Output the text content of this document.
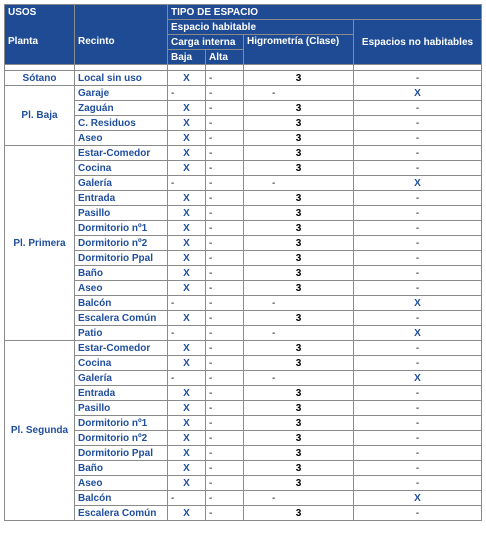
USOS		TIPO DE ESPACIO			
Planta	Recinto	Espacio habitable			Espacios no habitables
		Carga interna		Higrometría (Clase)	
		Baja	Alta		

Sótano	Local sin uso	X	-	3	-
Pl. Baja	Garaje	-	-	-	X
	Zaguán	X	-	3	-
	C. Residuos	X	-	3	-
	Aseo	X	-	3	-
Pl. Primera	Estar-Comedor	X	-	3	-
	Cocina	X	-	3	-
	Galería	-	-	-	X
	Entrada	X	-	3	-
	Pasillo	X	-	3	-
	Dormitorio nº1	X	-	3	-
	Dormitorio nº2	X	-	3	-
	Dormitorio Ppal	X	-	3	-
	Baño	X	-	3	-
	Aseo	X	-	3	-
	Balcón	-	-	-	X
	Escalera Común	X	-	3	-
	Patio	-	-	-	X
Pl. Segunda	Estar-Comedor	X	-	3	-
	Cocina	X	-	3	-
	Galería	-	-	-	X
	Entrada	X	-	3	-
	Pasillo	X	-	3	-
	Dormitorio nº1	X	-	3	-
	Dormitorio nº2	X	-	3	-
	Dormitorio Ppal	X	-	3	-
	Baño	X	-	3	-
	Aseo	X	-	3	-
	Balcón	-	-	-	X
	Escalera Común	X	-	3	-
